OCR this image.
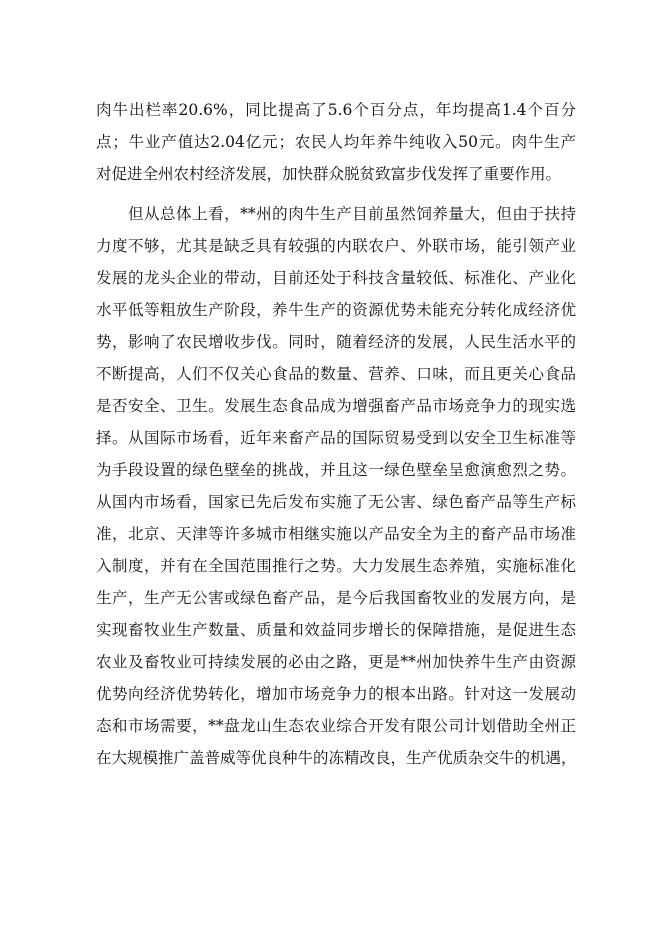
肉牛出栏率20.6%，同比提高了5.6个百分点，年均提高1.4个百分
点；牛业产值达2.04亿元；农民人均年养牛纯收入50元。肉牛生产
对促进全州农村经济发展，加快群众脱贫致富步伐发挥了重要作用。
但从总体上看，**州的肉牛生产目前虽然饲养量大，但由于扶持
力度不够，尤其是缺乏具有较强的内联农户、外联市场，能引领产业
发展的龙头企业的带动，目前还处于科技含量较低、标准化、产业化
水平低等粗放生产阶段，养牛生产的资源优势未能充分转化成经济优
势，影响了农民增收步伐。同时，随着经济的发展，人民生活水平的
不断提高，人们不仅关心食品的数量、营养、口味，而且更关心食品
是否安全、卫生。发展生态食品成为增强畜产品市场竞争力的现实选
择。从国际市场看，近年来畜产品的国际贸易受到以安全卫生标准等
为手段设置的绿色壁垒的挑战，并且这一绿色壁垒呈愈演愈烈之势。
从国内市场看，国家已先后发布实施了无公害、绿色畜产品等生产标
准，北京、天津等许多城市相继实施以产品安全为主的畜产品市场准
入制度，并有在全国范围推行之势。大力发展生态养殖，实施标准化
生产，生产无公害或绿色畜产品，是今后我国畜牧业的发展方向，是
实现畜牧业生产数量、质量和效益同步增长的保障措施，是促进生态
农业及畜牧业可持续发展的必由之路，更是**州加快养牛生产由资源
优势向经济优势转化，增加市场竞争力的根本出路。针对这一发展动
态和市场需要，**盘龙山生态农业综合开发有限公司计划借助全州正
在大规模推广盖普威等优良种牛的冻精改良，生产优质杂交牛的机遇，
